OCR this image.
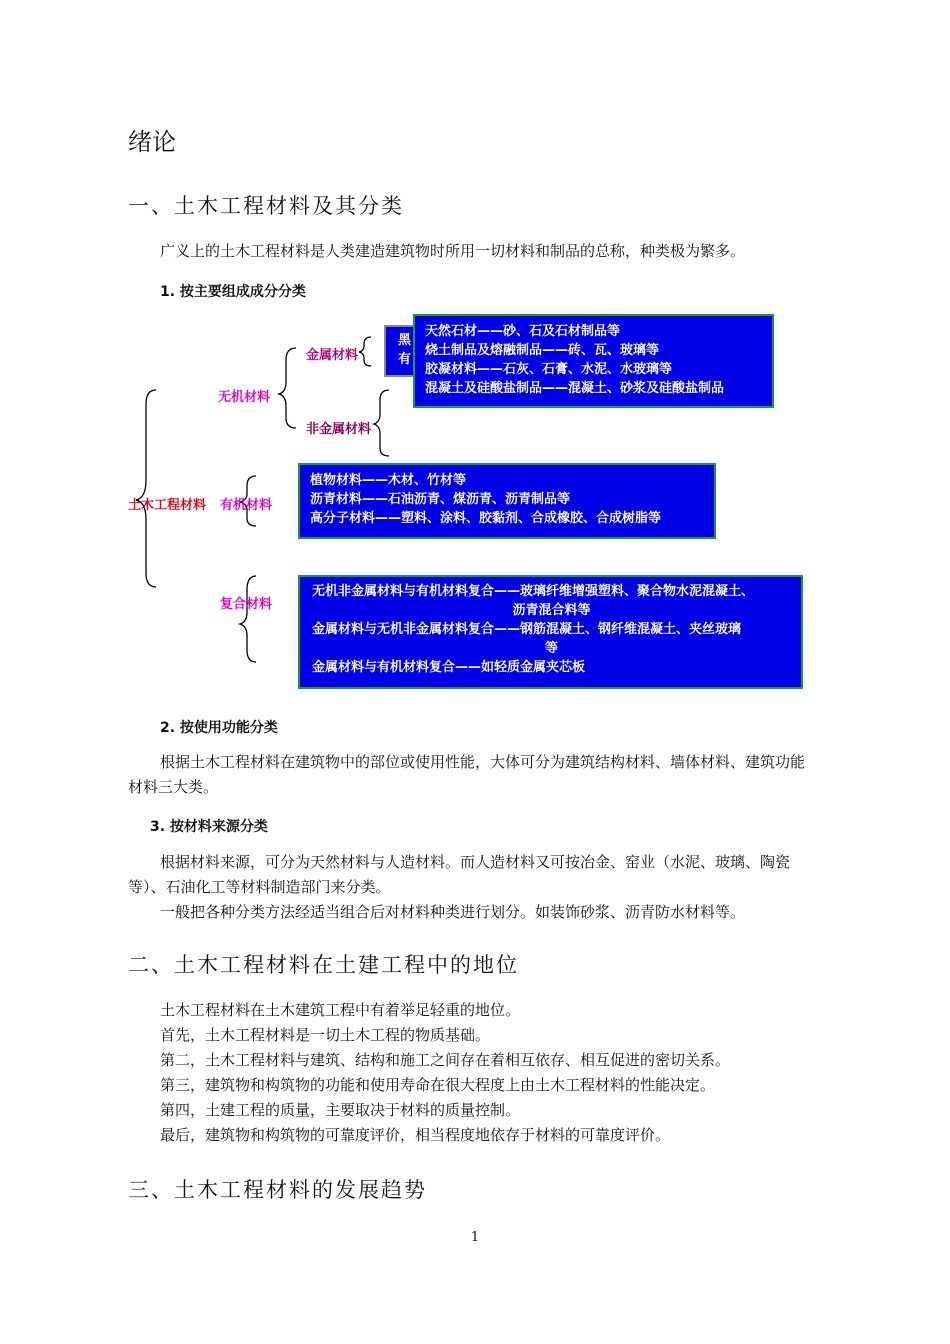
绪论
一、土木工程材料及其分类

广义上的土木工程材料是人类建造建筑物时所用一切材料和制品的总称，种类极为繁多。

1. 按主要组成成分分类

土木工程材料
无机材料
金属材料
非金属材料
有机材料
复合材料
黑
有
天然石材——砂、石及石材制品等
烧土制品及熔融制品——砖、瓦、玻璃等
胶凝材料——石灰、石膏、水泥、水玻璃等
混凝土及硅酸盐制品——混凝土、砂浆及硅酸盐制品
植物材料——木材、竹材等
沥青材料——石油沥青、煤沥青、沥青制品等
高分子材料——塑料、涂料、胶黏剂、合成橡胶、合成树脂等
无机非金属材料与有机材料复合——玻璃纤维增强塑料、聚合物水泥混凝土、
沥青混合料等
金属材料与无机非金属材料复合——钢筋混凝土、钢纤维混凝土、夹丝玻璃
等
金属材料与有机材料复合——如轻质金属夹芯板

2. 按使用功能分类

根据土木工程材料在建筑物中的部位或使用性能，大体可分为建筑结构材料、墙体材料、建筑功能材料三大类。

3. 按材料来源分类

根据材料来源，可分为天然材料与人造材料。而人造材料又可按冶金、窑业（水泥、玻璃、陶瓷等）、石油化工等材料制造部门来分类。

一般把各种分类方法经适当组合后对材料种类进行划分。如装饰砂浆、沥青防水材料等。

二、土木工程材料在土建工程中的地位
土木工程材料在土木建筑工程中有着举足轻重的地位。
首先，土木工程材料是一切土木工程的物质基础。
第二，土木工程材料与建筑、结构和施工之间存在着相互依存、相互促进的密切关系。
第三，建筑物和构筑物的功能和使用寿命在很大程度上由土木工程材料的性能决定。
第四，土建工程的质量，主要取决于材料的质量控制。
最后，建筑物和构筑物的可靠度评价，相当程度地依存于材料的可靠度评价。
三、土木工程材料的发展趋势
1
